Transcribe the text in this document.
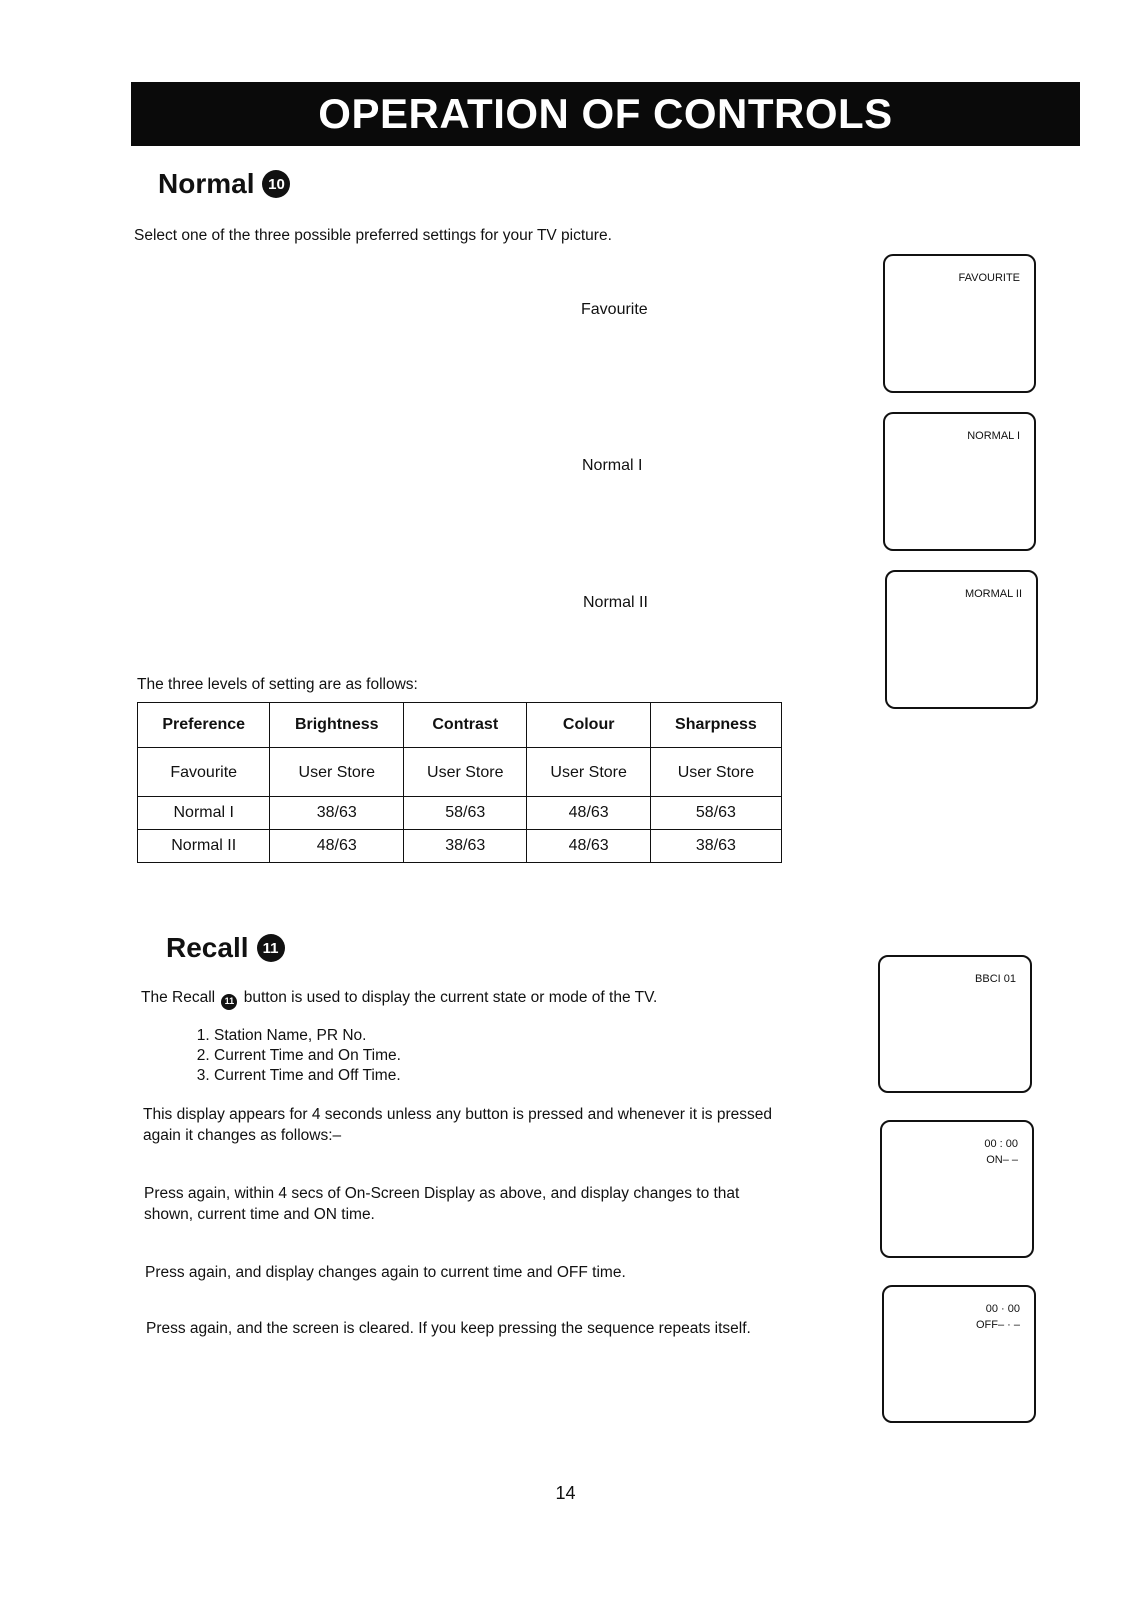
OPERATION OF CONTROLS
Normal 10
Select one of the three possible preferred settings for your TV picture.
Favourite
Normal I
Normal II
FAVOURITE
NORMAL I
MORMAL II
The three levels of setting are as follows:
Preference	Brightness	Contrast	Colour	Sharpness
Favourite	User Store	User Store	User Store	User Store
Normal I	38/63	58/63	48/63	58/63
Normal II	48/63	38/63	48/63	38/63
Recall 11
The Recall 11 button is used to display the current state or mode of the TV.
1. Station Name, PR No.
2. Current Time and On Time.
3. Current Time and Off Time.
This display appears for 4 seconds unless any button is pressed and whenever it is pressed again it changes as follows:–
Press again, within 4 secs of On-Screen Display as above, and display changes to that shown, current time and ON time.
Press again, and display changes again to current time and OFF time.
Press again, and the screen is cleared. If you keep pressing the sequence repeats itself.
BBCI 01
00 : 00
ON– –
00 · 00
OFF– · –
14
